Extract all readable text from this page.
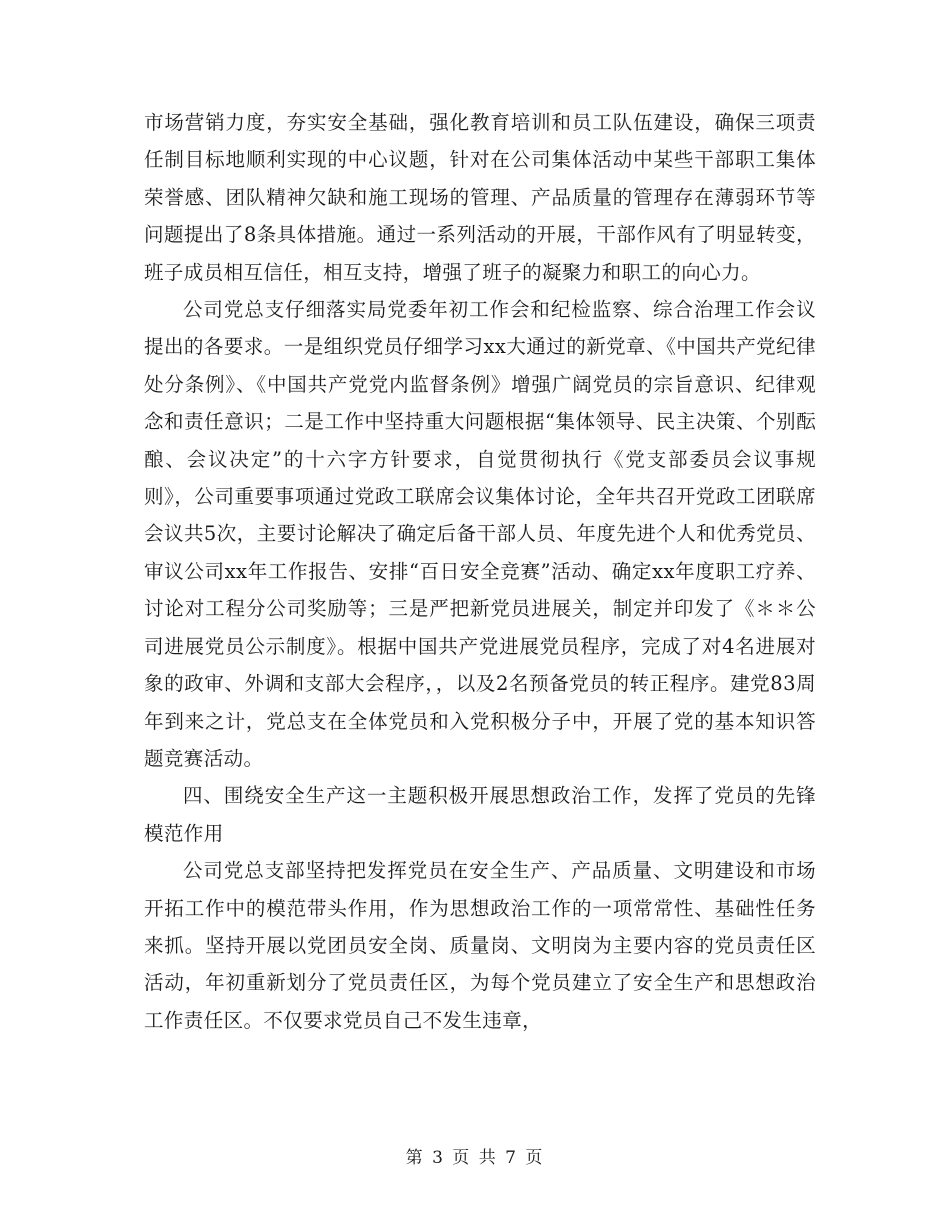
市场营销力度，夯实安全基础，强化教育培训和员工队伍建设，确保三项责任制目标地顺利实现的中心议题，针对在公司集体活动中某些干部职工集体荣誉感、团队精神欠缺和施工现场的管理、产品质量的管理存在薄弱环节等问题提出了8条具体措施。通过一系列活动的开展，干部作风有了明显转变，班子成员相互信任，相互支持，增强了班子的凝聚力和职工的向心力。

公司党总支仔细落实局党委年初工作会和纪检监察、综合治理工作会议提出的各要求。一是组织党员仔细学习xx大通过的新党章、《中国共产党纪律处分条例》、《中国共产党党内监督条例》增强广阔党员的宗旨意识、纪律观念和责任意识；二是工作中坚持重大问题根据“集体领导、民主决策、个别酝酿、会议决定”的十六字方针要求，自觉贯彻执行《党支部委员会议事规则》，公司重要事项通过党政工联席会议集体讨论，全年共召开党政工团联席会议共5次，主要讨论解决了确定后备干部人员、年度先进个人和优秀党员、审议公司xx年工作报告、安排“百日安全竞赛”活动、确定xx年度职工疗养、讨论对工程分公司奖励等；三是严把新党员进展关，制定并印发了《＊＊公司进展党员公示制度》。根据中国共产党进展党员程序，完成了对4名进展对象的政审、外调和支部大会程序，，以及2名预备党员的转正程序。建党83周年到来之计，党总支在全体党员和入党积极分子中，开展了党的基本知识答题竞赛活动。

四、围绕安全生产这一主题积极开展思想政治工作，发挥了党员的先锋模范作用

公司党总支部坚持把发挥党员在安全生产、产品质量、文明建设和市场开拓工作中的模范带头作用，作为思想政治工作的一项常常性、基础性任务来抓。坚持开展以党团员安全岗、质量岗、文明岗为主要内容的党员责任区活动，年初重新划分了党员责任区，为每个党员建立了安全生产和思想政治工作责任区。不仅要求党员自己不发生违章，

第 3 页 共 7 页
